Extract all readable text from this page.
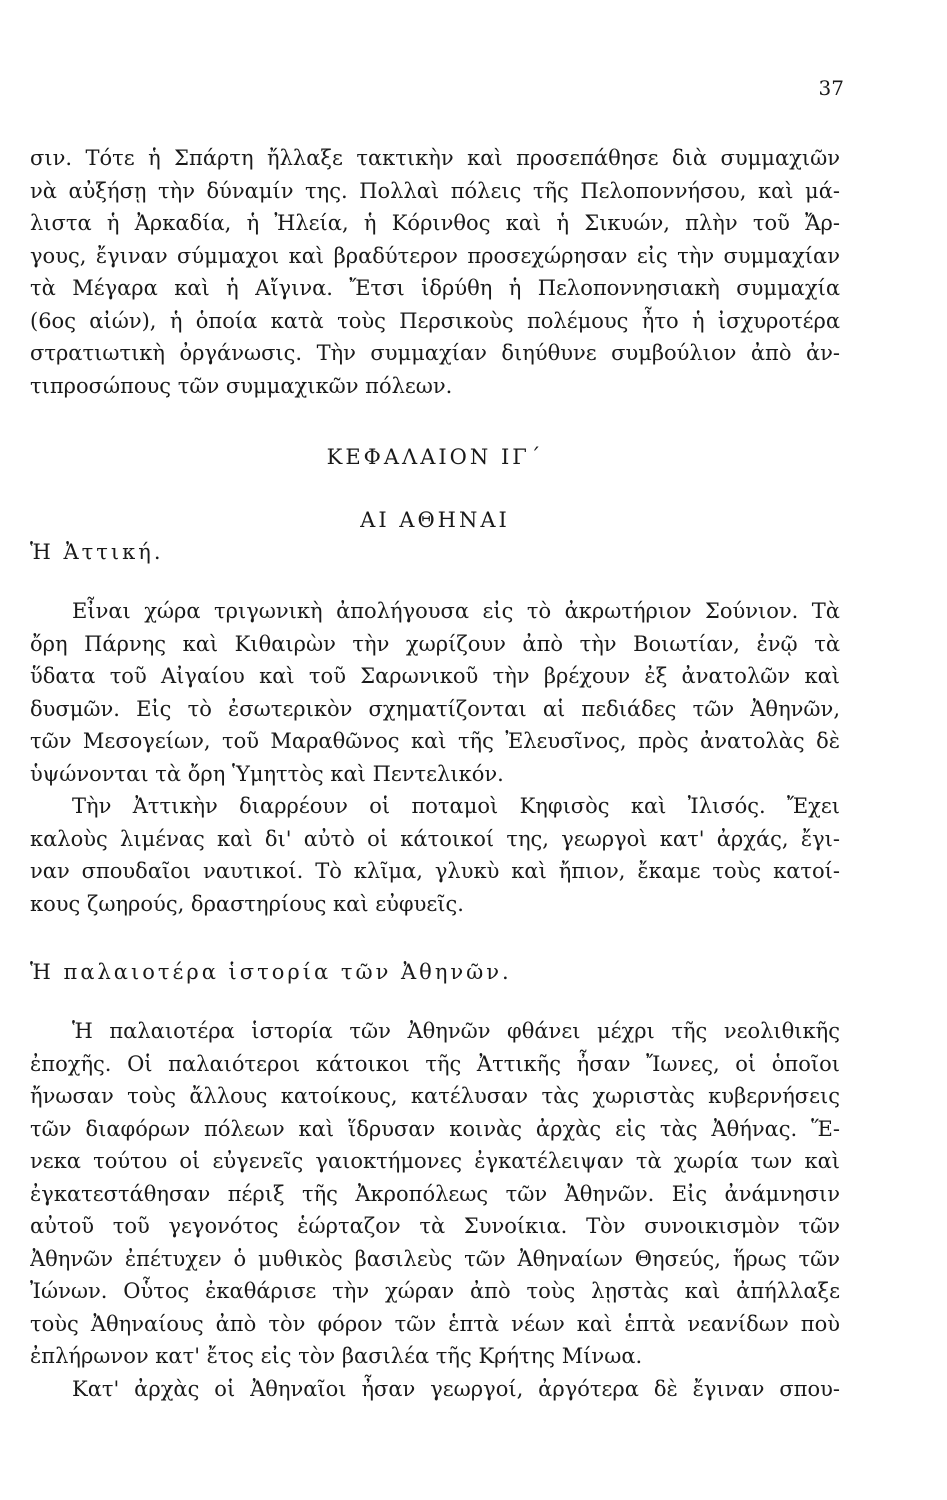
37
σιν. Τότε ἡ Σπάρτη ἤλλαξε τακτικὴν καὶ προσεπάθησε διὰ συμμαχιῶν
νὰ αὐξήσῃ τὴν δύναμίν της. Πολλαὶ πόλεις τῆς Πελοποννήσου, καὶ μά-
λιστα ἡ Ἀρκαδία, ἡ Ἠλεία, ἡ Κόρινθος καὶ ἡ Σικυών, πλὴν τοῦ Ἄρ-
γους, ἔγιναν σύμμαχοι καὶ βραδύτερον προσεχώρησαν εἰς τὴν συμμαχίαν
τὰ Μέγαρα καὶ ἡ Αἴγινα. Ἔτσι ἱδρύθη ἡ Πελοποννησιακὴ συμμαχία
(6ος αἰών), ἡ ὁποία κατὰ τοὺς Περσικοὺς πολέμους ἦτο ἡ ἰσχυροτέρα
στρατιωτικὴ ὀργάνωσις. Τὴν συμμαχίαν διηύθυνε συμβούλιον ἀπὸ ἀν-
τιπροσώπους τῶν συμμαχικῶν πόλεων.
ΚΕΦΑΛΑΙΟΝ ΙΓ΄
ΑΙ ΑΘΗΝΑΙ
Ἡ Ἀττική.
Εἶναι χώρα τριγωνικὴ ἀπολήγουσα εἰς τὸ ἀκρωτήριον Σούνιον. Τὰ
ὄρη Πάρνης καὶ Κιθαιρὼν τὴν χωρίζουν ἀπὸ τὴν Βοιωτίαν, ἐνῷ τὰ
ὕδατα τοῦ Αἰγαίου καὶ τοῦ Σαρωνικοῦ τὴν βρέχουν ἐξ ἀνατολῶν καὶ
δυσμῶν. Εἰς τὸ ἐσωτερικὸν σχηματίζονται αἱ πεδιάδες τῶν Ἀθηνῶν,
τῶν Μεσογείων, τοῦ Μαραθῶνος καὶ τῆς Ἐλευσῖνος, πρὸς ἀνατολὰς δὲ
ὑψώνονται τὰ ὄρη Ὑμηττὸς καὶ Πεντελικόν.
Τὴν Ἀττικὴν διαρρέουν οἱ ποταμοὶ Κηφισὸς καὶ Ἰλισός. Ἔχει
καλοὺς λιμένας καὶ δι' αὐτὸ οἱ κάτοικοί της, γεωργοὶ κατ' ἀρχάς, ἔγι-
ναν σπουδαῖοι ναυτικοί. Τὸ κλῖμα, γλυκὺ καὶ ἤπιον, ἔκαμε τοὺς κατοί-
κους ζωηρούς, δραστηρίους καὶ εὐφυεῖς.
Ἡ παλαιοτέρα ἱστορία τῶν Ἀθηνῶν.
Ἡ παλαιοτέρα ἱστορία τῶν Ἀθηνῶν φθάνει μέχρι τῆς νεολιθικῆς
ἐποχῆς. Οἱ παλαιότεροι κάτοικοι τῆς Ἀττικῆς ἦσαν Ἴωνες, οἱ ὁποῖοι
ἤνωσαν τοὺς ἄλλους κατοίκους, κατέλυσαν τὰς χωριστὰς κυβερνήσεις
τῶν διαφόρων πόλεων καὶ ἵδρυσαν κοινὰς ἀρχὰς εἰς τὰς Ἀθήνας. Ἕ-
νεκα τούτου οἱ εὐγενεῖς γαιοκτήμονες ἐγκατέλειψαν τὰ χωρία των καὶ
ἐγκατεστάθησαν πέριξ τῆς Ἀκροπόλεως τῶν Ἀθηνῶν. Εἰς ἀνάμνησιν
αὐτοῦ τοῦ γεγονότος ἑώρταζον τὰ Συνοίκια. Τὸν συνοικισμὸν τῶν
Ἀθηνῶν ἐπέτυχεν ὁ μυθικὸς βασιλεὺς τῶν Ἀθηναίων Θησεύς, ἥρως τῶν
Ἰώνων. Οὗτος ἐκαθάρισε τὴν χώραν ἀπὸ τοὺς λῃστὰς καὶ ἀπήλλαξε
τοὺς Ἀθηναίους ἀπὸ τὸν φόρον τῶν ἑπτὰ νέων καὶ ἑπτὰ νεανίδων ποὺ
ἐπλήρωνον κατ' ἔτος εἰς τὸν βασιλέα τῆς Κρήτης Μίνωα.
Κατ' ἀρχὰς οἱ Ἀθηναῖοι ἦσαν γεωργοί, ἀργότερα δὲ ἔγιναν σπου-
